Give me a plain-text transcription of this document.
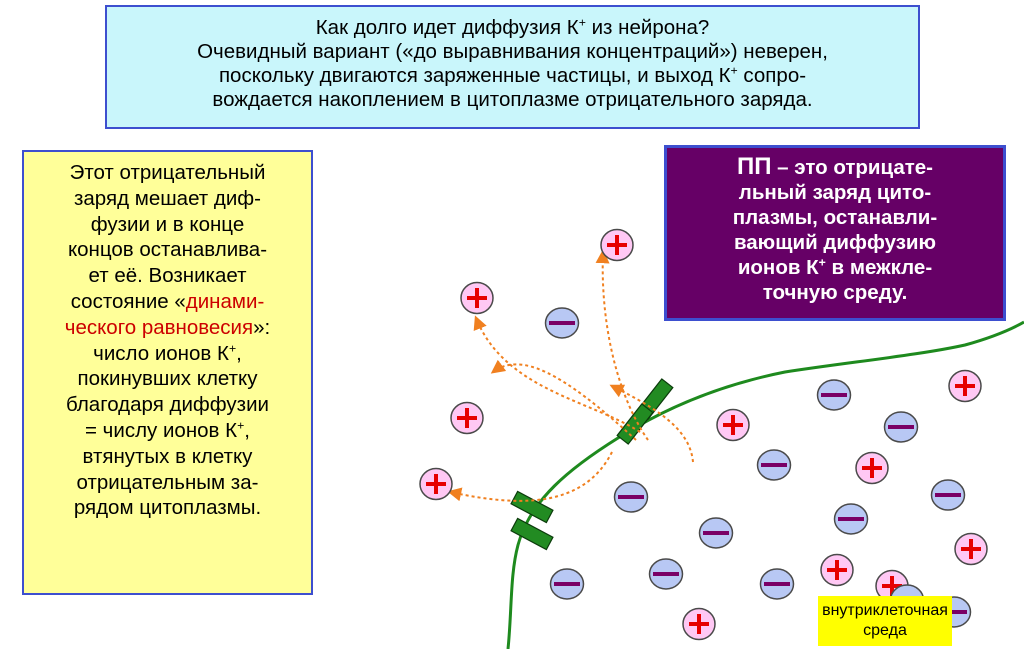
Как долго идет диффузия К+ из нейрона?
Очевидный вариант («до выравнивания концентраций») неверен,
поскольку двигаются заряженные частицы, и выход К+ сопро-
вождается накоплением в цитоплазме отрицательного заряда.
Этот отрицательный
заряд мешает диф-
фузии и в конце
концов останавлива-
ет её. Возникает
состояние «динами-
ческого равновесия»:
число ионов К+,
покинувших клетку
благодаря диффузии
= числу ионов К+,
втянутых в клетку
отрицательным за-
рядом цитоплазмы.
ПП – это отрицате-
льный заряд цито-
плазмы, останавли-
вающий диффузию
ионов К+ в межкле-
точную среду.
внутриклеточная
среда
